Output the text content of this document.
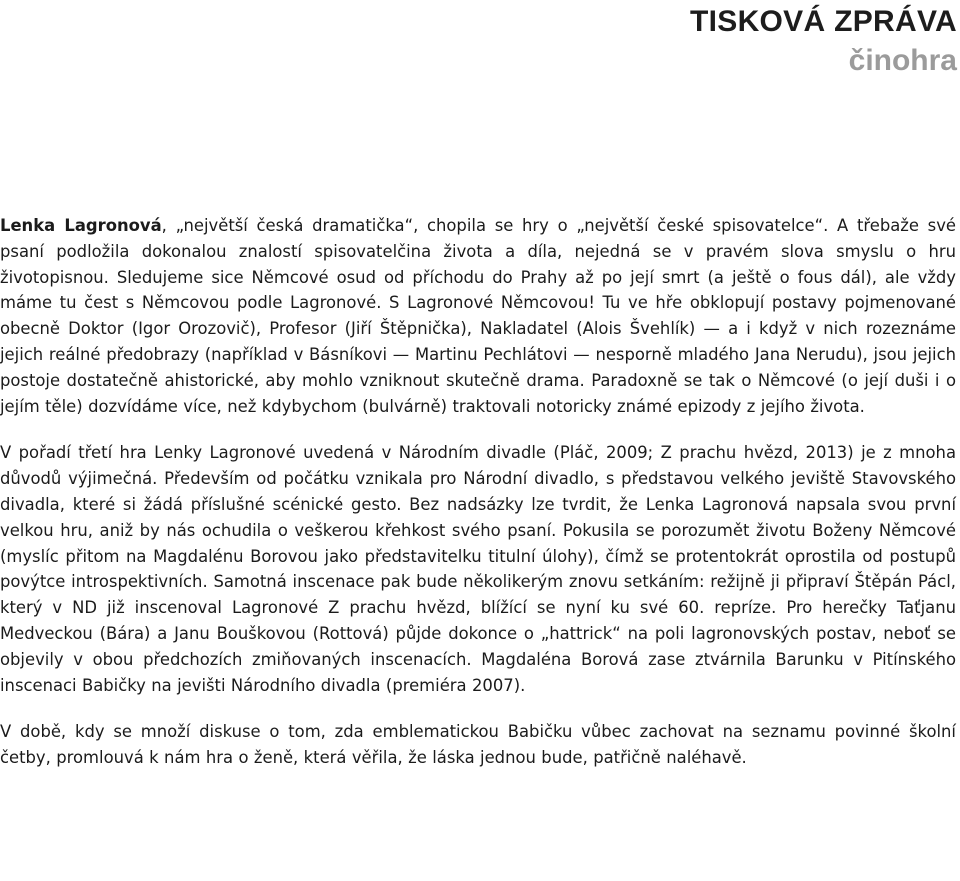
TISKOVÁ ZPRÁVA
činohra

Lenka Lagronová, „největší česká dramatička“, chopila se hry o „největší české spisovatelce“. A třebaže své psaní podložila dokonalou znalostí spisovatelčina života a díla, nejedná se v pravém slova smyslu o hru životopisnou. Sledujeme sice Němcové osud od příchodu do Prahy až po její smrt (a ještě o fous dál), ale vždy máme tu čest s Němcovou podle Lagronové. S Lagronové Němcovou! Tu ve hře obklopují postavy pojmenované obecně Doktor (Igor Orozovič), Profesor (Jiří Štěpnička), Nakladatel (Alois Švehlík) — a i když v nich rozeznáme jejich reálné předobrazy (například v Básníkovi — Martinu Pechlátovi — nesporně mladého Jana Nerudu), jsou jejich postoje dostatečně ahistorické, aby mohlo vzniknout skutečně drama. Paradoxně se tak o Němcové (o její duši i o jejím těle) dozvídáme více, než kdybychom (bulvárně) traktovali notoricky známé epizody z jejího života.

V pořadí třetí hra Lenky Lagronové uvedená v Národním divadle (Pláč, 2009; Z prachu hvězd, 2013) je z mnoha důvodů výjimečná. Především od počátku vznikala pro Národní divadlo, s představou velkého jeviště Stavovského divadla, které si žádá příslušné scénické gesto. Bez nadsázky lze tvrdit, že Lenka Lagronová napsala svou první velkou hru, aniž by nás ochudila o veškerou křehkost svého psaní. Pokusila se porozumět životu Boženy Němcové (myslíc přitom na Magdalénu Borovou jako představitelku titulní úlohy), čímž se protentokrát oprostila od postupů povýtce introspektivních. Samotná inscenace pak bude několikerým znovu setkáním: režijně ji připraví Štěpán Pácl, který v ND již inscenoval Lagronové Z prachu hvězd, blížící se nyní ku své 60. repríze. Pro herečky Taťjanu Medveckou (Bára) a Janu Bouškovou (Rottová) půjde dokonce o „hattrick“ na poli lagronovských postav, neboť se objevily v obou předchozích zmiňovaných inscenacích. Magdaléna Borová zase ztvárnila Barunku v Pitínského inscenaci Babičky na jevišti Národního divadla (premiéra 2007).

V době, kdy se množí diskuse o tom, zda emblematickou Babičku vůbec zachovat na seznamu povinné školní četby, promlouvá k nám hra o ženě, která věřila, že láska jednou bude, patřičně naléhavě.
